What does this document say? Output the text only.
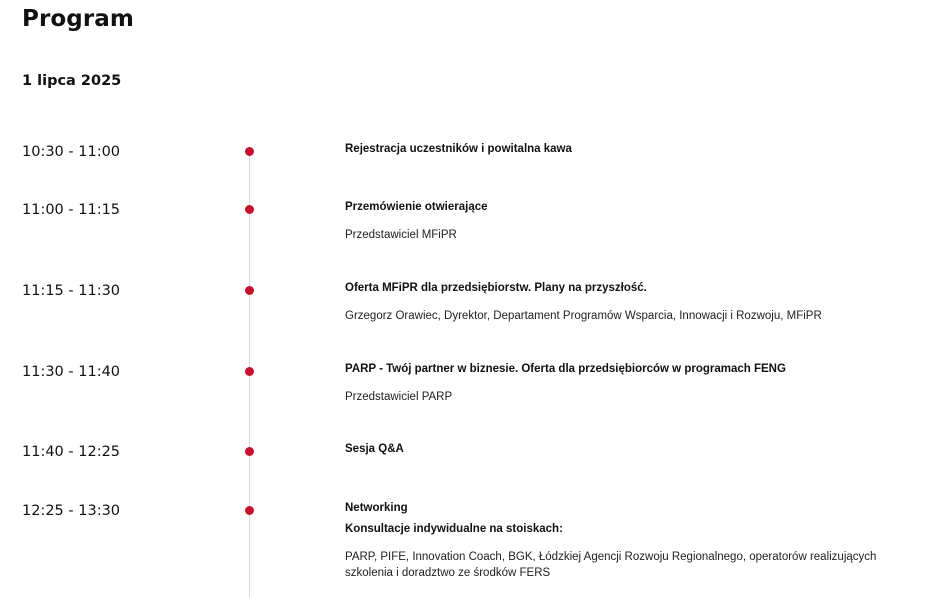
Program
1 lipca 2025
10:30 - 11:00	Rejestracja uczestników i powitalna kawa
11:00 - 11:15	Przemówienie otwierające
Przedstawiciel MFiPR
11:15 - 11:30	Oferta MFiPR dla przedsiębiorstw. Plany na przyszłość.
Grzegorz Orawiec, Dyrektor, Departament Programów Wsparcia, Innowacji i Rozwoju, MFiPR
11:30 - 11:40	PARP - Twój partner w biznesie. Oferta dla przedsiębiorców w programach FENG
Przedstawiciel PARP
11:40 - 12:25	Sesja Q&A
12:25 - 13:30	Networking
Konsultacje indywidualne na stoiskach:
PARP, PIFE, Innovation Coach, BGK, Łódzkiej Agencji Rozwoju Regionalnego, operatorów realizujących szkolenia i doradztwo ze środków FERS
